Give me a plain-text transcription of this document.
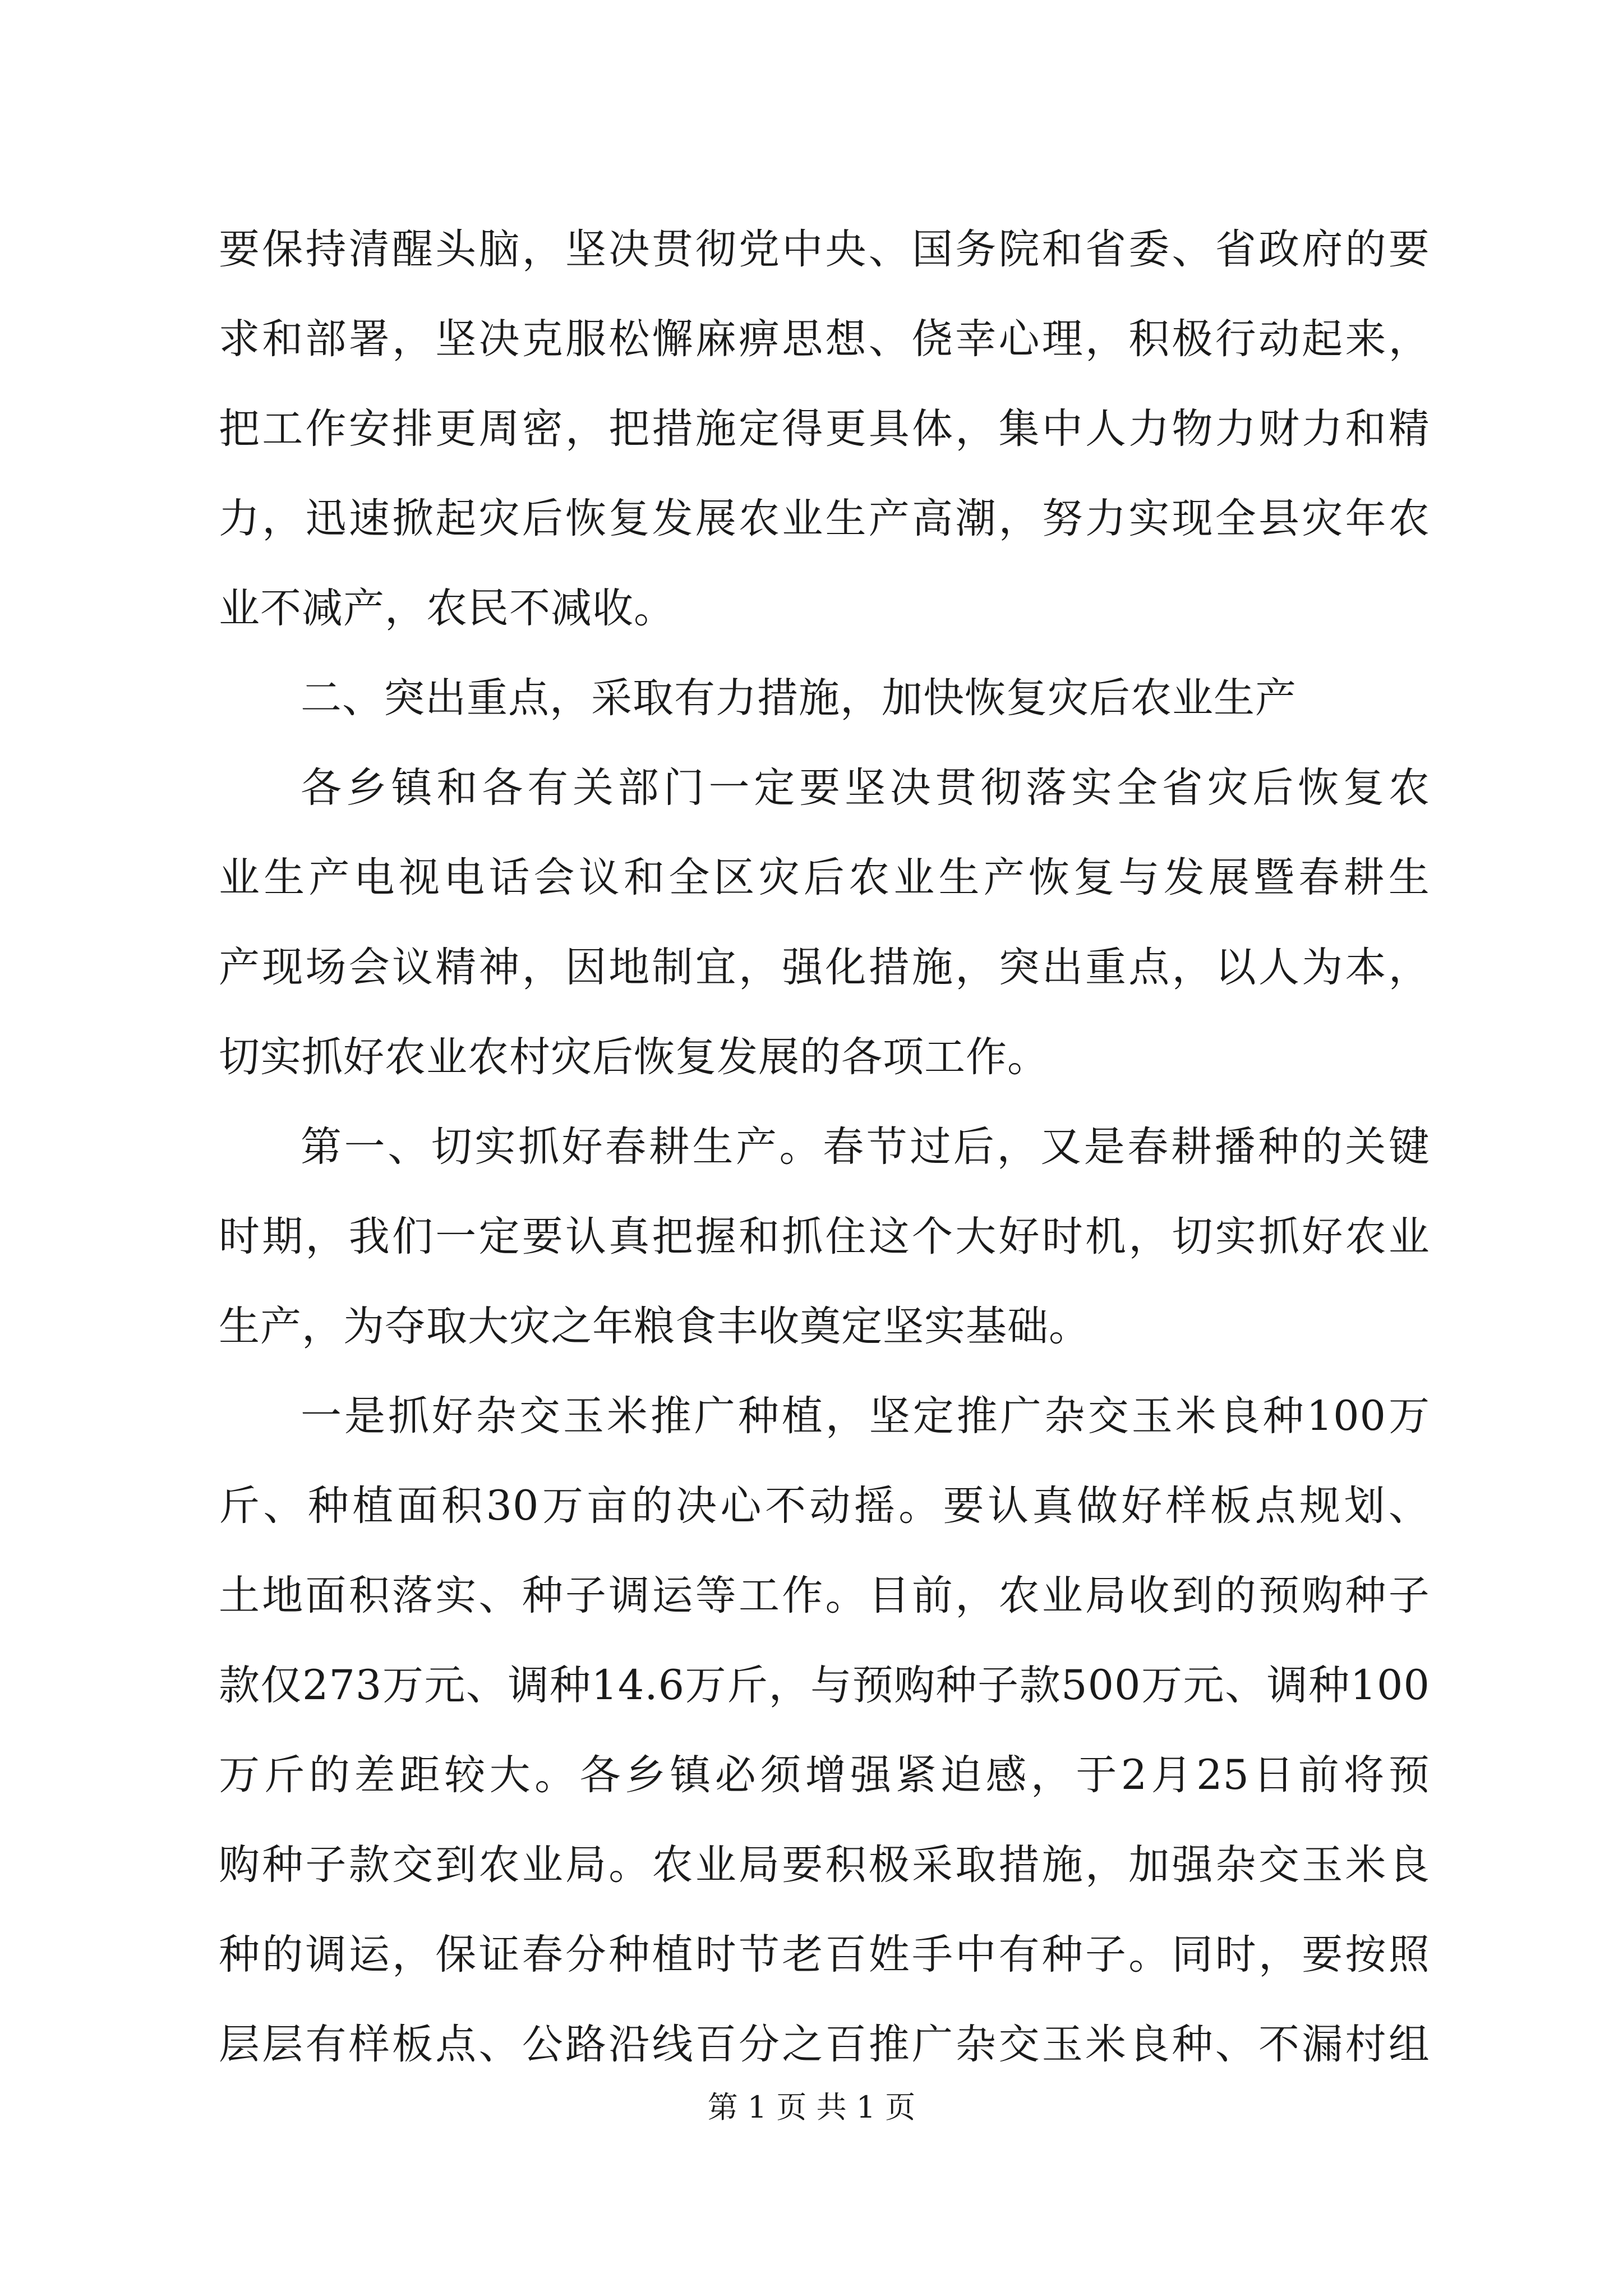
要 保 持 清 醒 头 脑 ， 坚 决 贯 彻 党 中 央 、 国 务 院 和 省 委 、 省 政 府 的 要
求 和 部 署 ， 坚 决 克 服 松 懈 麻 痹 思 想 、 侥 幸 心 理 ， 积 极 行 动 起 来 ，
把 工 作 安 排 更 周 密 ， 把 措 施 定 得 更 具 体 ， 集 中 人 力 物 力 财 力 和 精
力 ， 迅 速 掀 起 灾 后 恢 复 发 展 农 业 生 产 高 潮 ， 努 力 实 现 全 县 灾 年 农
业不减产，农民不减收。
二、突出重点，采取有力措施，加快恢复灾后农业生产
各 乡 镇 和 各 有 关 部 门 一 定 要 坚 决 贯 彻 落 实 全 省 灾 后 恢 复 农
业 生 产 电 视 电 话 会 议 和 全 区 灾 后 农 业 生 产 恢 复 与 发 展 暨 春 耕 生
产 现 场 会 议 精 神 ， 因 地 制 宜 ， 强 化 措 施 ， 突 出 重 点 ， 以 人 为 本 ，
切实抓好农业农村灾后恢复发展的各项工作。
第 一 、 切 实 抓 好 春 耕 生 产 。 春 节 过 后 ， 又 是 春 耕 播 种 的 关 键
时 期 ， 我 们 一 定 要 认 真 把 握 和 抓 住 这 个 大 好 时 机 ， 切 实 抓 好 农 业
生产，为夺取大灾之年粮食丰收奠定坚实基础。
一 是 抓 好 杂 交 玉 米 推 广 种 植 ， 坚 定 推 广 杂 交 玉 米 良 种 100 万
斤 、 种 植 面 积 30 万 亩 的 决 心 不 动 摇 。 要 认 真 做 好 样 板 点 规 划 、
土 地 面 积 落 实 、 种 子 调 运 等 工 作 。 目 前 ， 农 业 局 收 到 的 预 购 种 子
款 仅 273 万 元 、 调 种 14.6 万 斤 ， 与 预 购 种 子 款 500 万 元 、 调 种 100
万 斤 的 差 距 较 大 。 各 乡 镇 必 须 增 强 紧 迫 感 ， 于 2 月 25 日 前 将 预
购 种 子 款 交 到 农 业 局 。 农 业 局 要 积 极 采 取 措 施 ， 加 强 杂 交 玉 米 良
种 的 调 运 ， 保 证 春 分 种 植 时 节 老 百 姓 手 中 有 种 子 。 同 时 ， 要 按 照
层 层 有 样 板 点 、 公 路 沿 线 百 分 之 百 推 广 杂 交 玉 米 良 种 、 不 漏 村 组
第 1 页 共 1 页
